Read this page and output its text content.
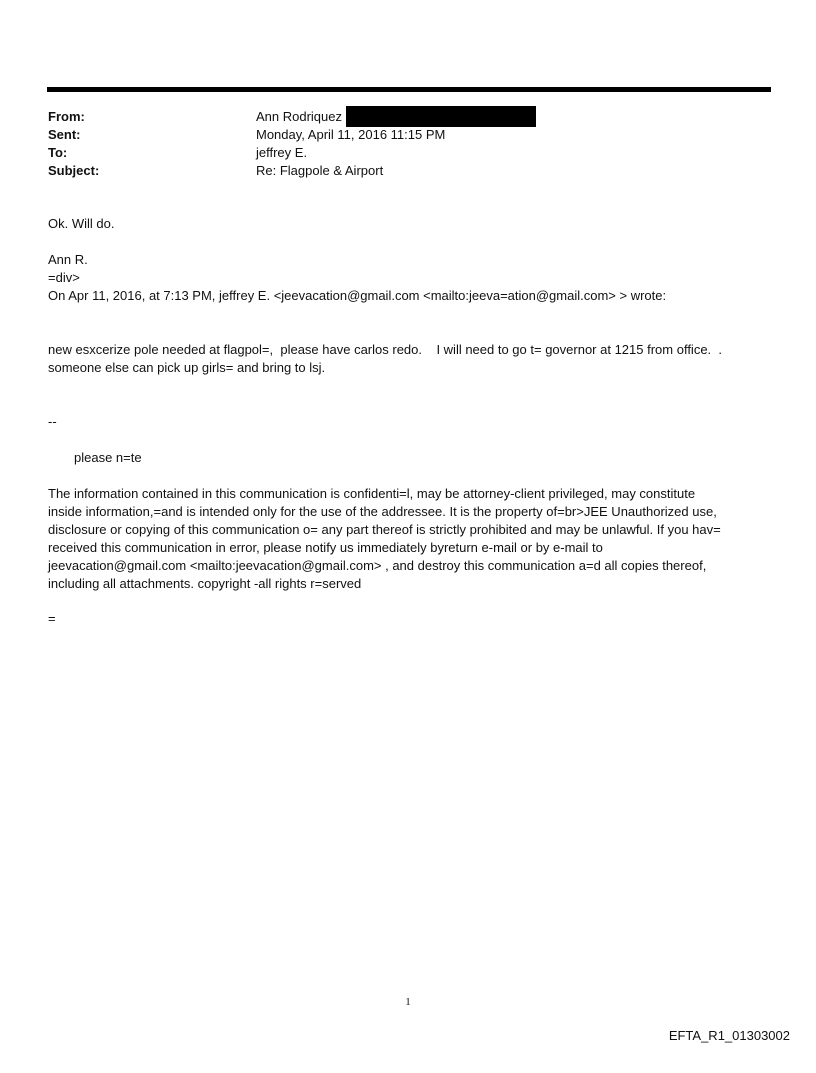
From:	Ann Rodriquez
Sent:	Monday, April 11, 2016 11:15 PM
To:	jeffrey E.
Subject:	Re: Flagpole & Airport

Ok. Will do.

Ann R.

=div>

On Apr 11, 2016, at 7:13 PM, jeffrey E. <jeevacation@gmail.com <mailto:jeeva=ation@gmail.com> > wrote:

new esxcerize pole needed at flagpol=,  please have carlos redo.    I will need to go t= governor at 1215 from office.  .

someone else can pick up girls= and bring to lsj.

--

please n=te

The information contained in this communication is confidenti=l, may be attorney-client privileged, may constitute

inside information,=and is intended only for the use of the addressee. It is the property of=br>JEE Unauthorized use,

disclosure or copying of this communication o= any part thereof is strictly prohibited and may be unlawful. If you hav=

received this communication in error, please notify us immediately byreturn e-mail or by e-mail to

jeevacation@gmail.com <mailto:jeevacation@gmail.com> , and destroy this communication a=d all copies thereof,

including all attachments. copyright -all rights r=served

=

1
EFTA_R1_01303002
